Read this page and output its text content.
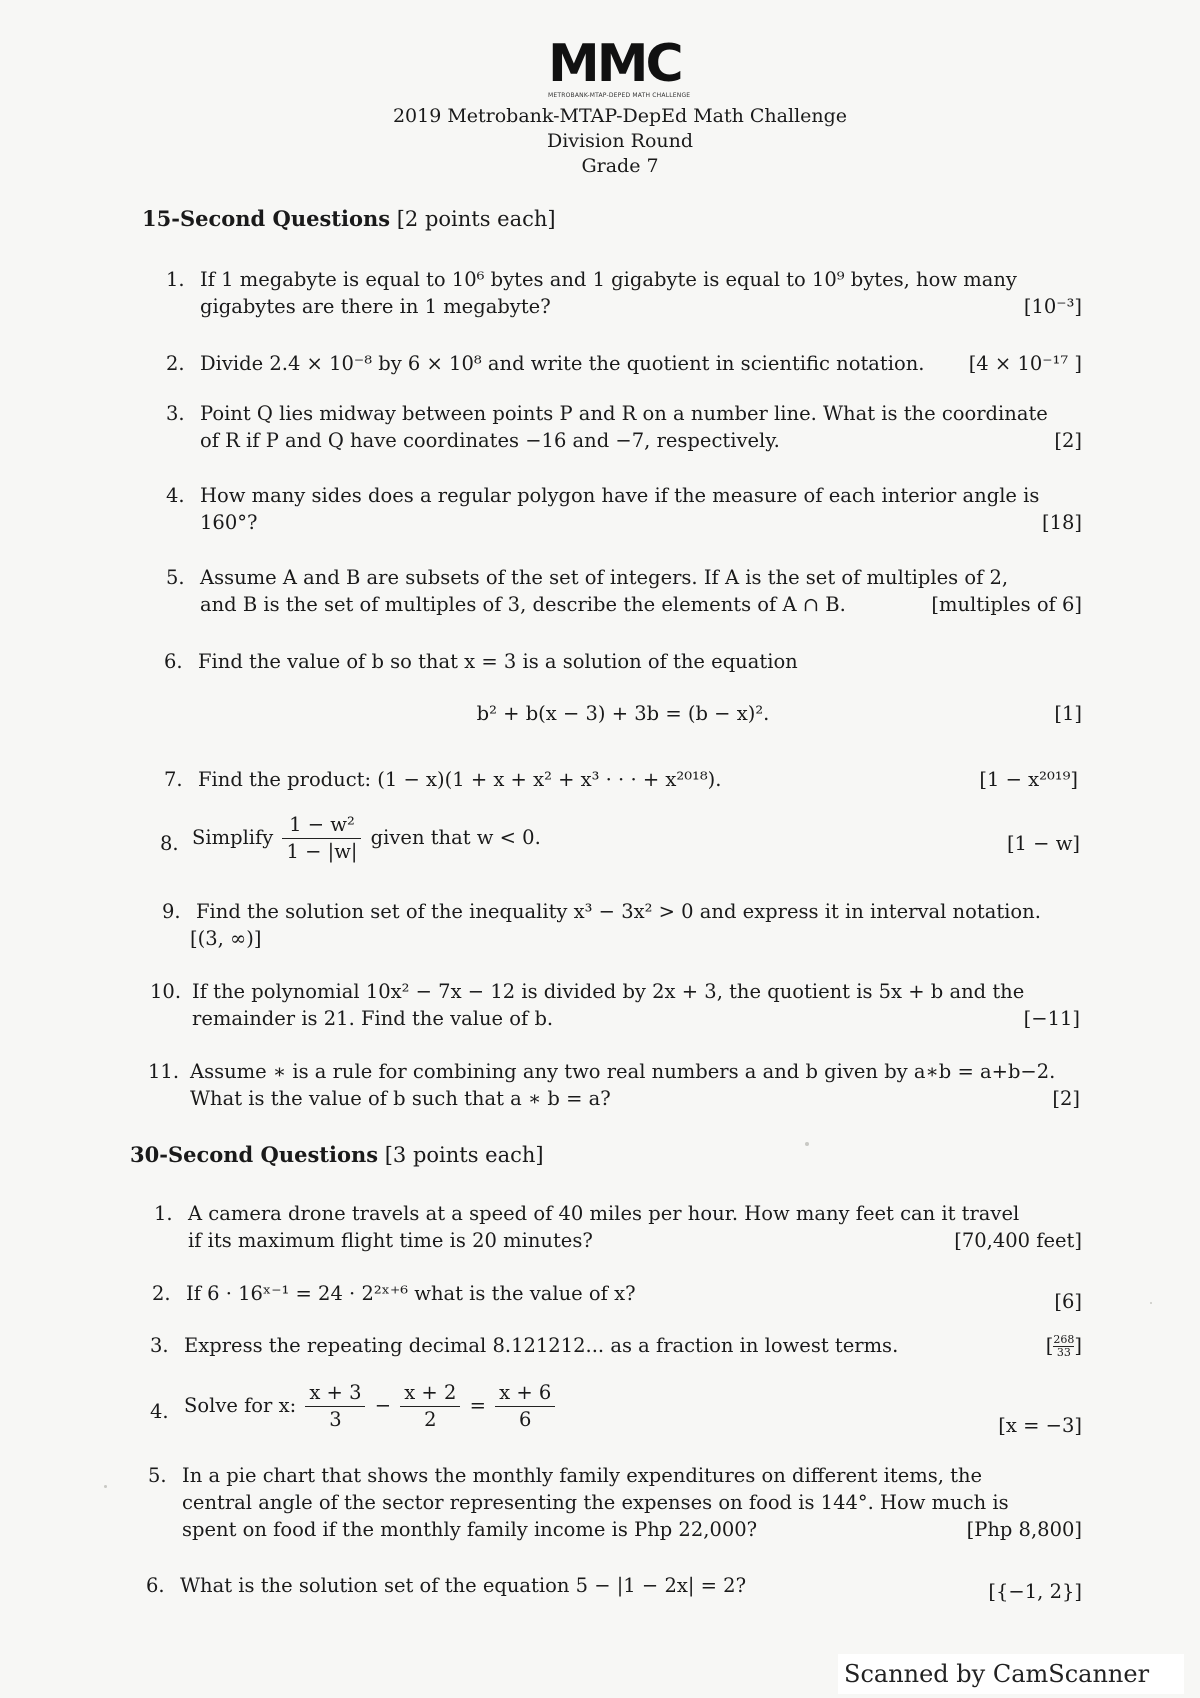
MMC
METROBANK-MTAP-DEPED MATH CHALLENGE
2019 Metrobank-MTAP-DepEd Math Challenge
Division Round
Grade 7
15-Second Questions [2 points each]
1. If 1 megabyte is equal to 10⁶ bytes and 1 gigabyte is equal to 10⁹ bytes, how many
gigabytes are there in 1 megabyte?	[10⁻³]
2. Divide 2.4 × 10⁻⁸ by 6 × 10⁸ and write the quotient in scientific notation.	[4 × 10⁻¹⁷ ]
3. Point Q lies midway between points P and R on a number line. What is the coordinate
of R if P and Q have coordinates −16 and −7, respectively.	[2]
4. How many sides does a regular polygon have if the measure of each interior angle is
160°?	[18]
5. Assume A and B are subsets of the set of integers. If A is the set of multiples of 2,
and B is the set of multiples of 3, describe the elements of A ∩ B.	[multiples of 6]
6. Find the value of b so that x = 3 is a solution of the equation
b² + b(x − 3) + 3b = (b − x)².	[1]
7. Find the product: (1 − x)(1 + x + x² + x³ · · · + x²⁰¹⁸).	[1 − x²⁰¹⁹]
8. Simplify $\frac{\text{1 − w²}}{1 - |w|}$ given that w < 0.	[1 − w]
9. Find the solution set of the inequality x³ − 3x² > 0 and express it in interval notation.
[(3, ∞)]
10. If the polynomial 10x² − 7x − 12 is divided by 2x + 3, the quotient is 5x + b and the
remainder is 21. Find the value of b.	[−11]
11. Assume ∗ is a rule for combining any two real numbers a and b given by a∗b = a+b−2.
What is the value of b such that a ∗ b = a?	[2]
30-Second Questions [3 points each]
1. A camera drone travels at a speed of 40 miles per hour. How many feet can it travel
if its maximum flight time is 20 minutes?	[70,400 feet]
2. If 6 · 16ˣ⁻¹ = 24 · 2²ˣ⁺⁶ what is the value of x?	[6]
3. Express the repeating decimal 8.121212... as a fraction in lowest terms.	[ $\frac{268}{33}$]
4. Solve for x: $\frac{x + 3}{3} - \frac{x + 2}{2} = \frac{x + 6}{6}$	[x = −3]
5. In a pie chart that shows the monthly family expenditures on different items, the
central angle of the sector representing the expenses on food is 144°. How much is
spent on food if the monthly family income is Php 22,000?	[Php 8,800]
6. What is the solution set of the equation 5 − |1 − 2x| = 2?	[{−1, 2}]
Scanned by CamScanner
